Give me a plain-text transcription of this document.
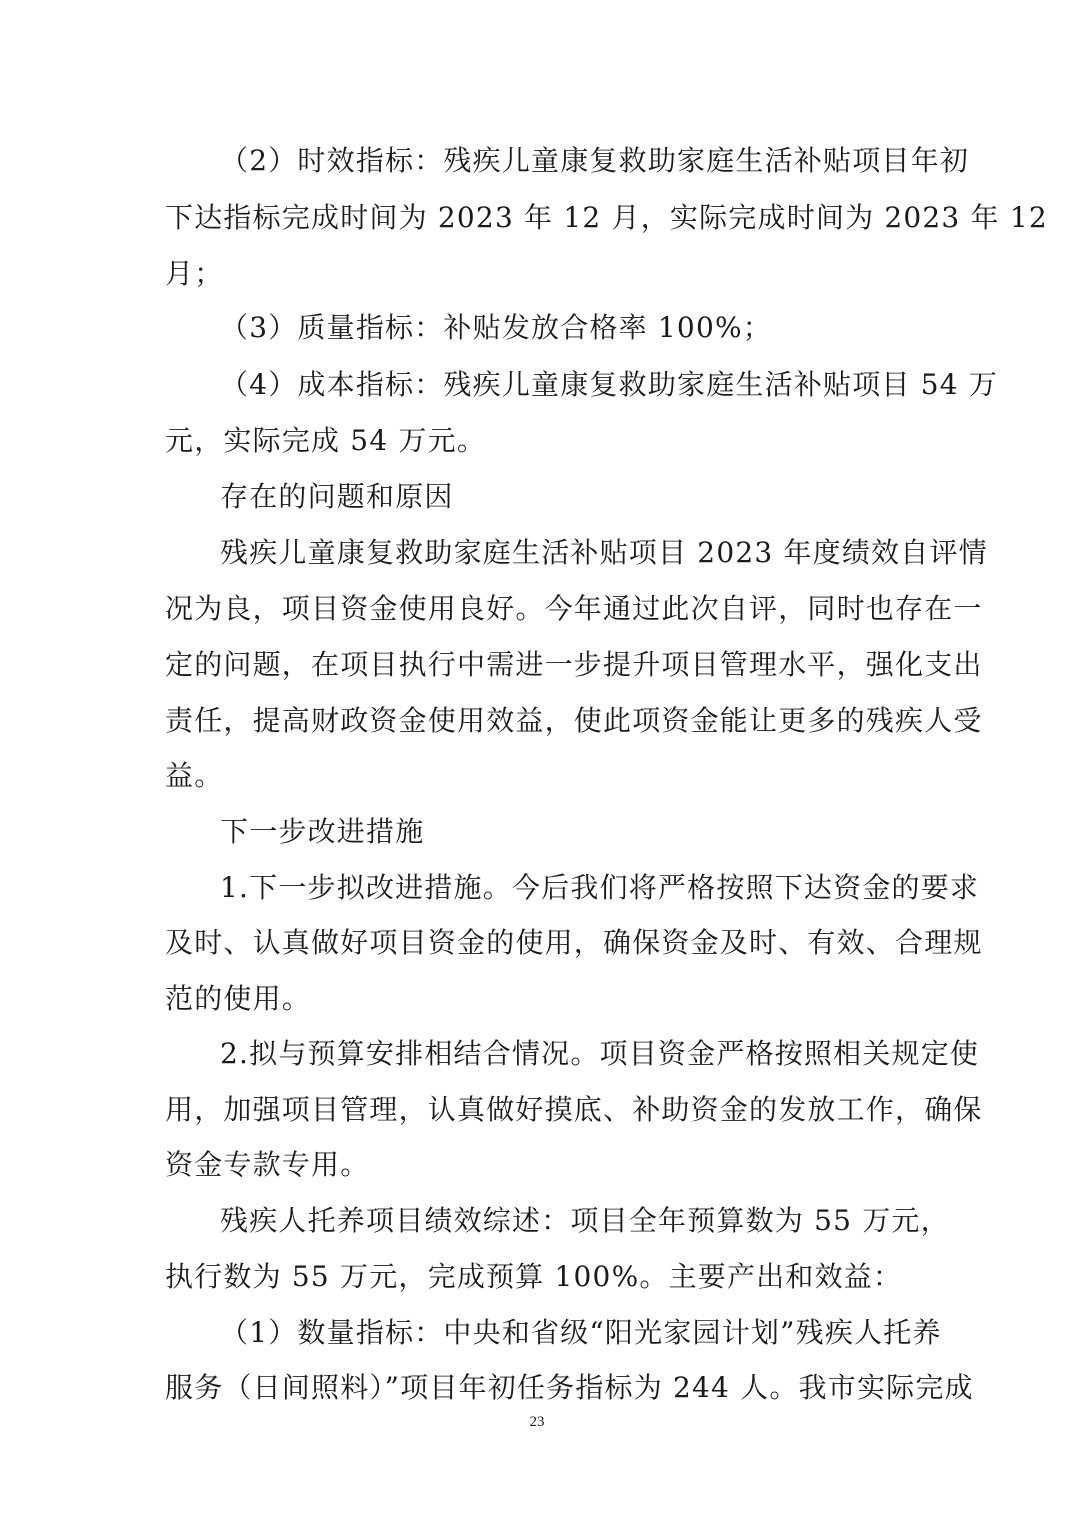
（2）时效指标：残疾儿童康复救助家庭生活补贴项目年初
下达指标完成时间为 2023 年 12 月，实际完成时间为 2023 年 12
月；
（3）质量指标：补贴发放合格率 100%；
（4）成本指标：残疾儿童康复救助家庭生活补贴项目 54 万
元，实际完成 54 万元。
存在的问题和原因
残疾儿童康复救助家庭生活补贴项目 2023 年度绩效自评情
况为良，项目资金使用良好。今年通过此次自评，同时也存在一
定的问题，在项目执行中需进一步提升项目管理水平，强化支出
责任，提高财政资金使用效益，使此项资金能让更多的残疾人受
益。
下一步改进措施
1.下一步拟改进措施。今后我们将严格按照下达资金的要求
及时、认真做好项目资金的使用，确保资金及时、有效、合理规
范的使用。
2.拟与预算安排相结合情况。项目资金严格按照相关规定使
用，加强项目管理，认真做好摸底、补助资金的发放工作，确保
资金专款专用。
残疾人托养项目绩效综述：项目全年预算数为 55 万元，
执行数为 55 万元，完成预算 100%。主要产出和效益：
（1）数量指标：中央和省级“阳光家园计划”残疾人托养
服务（日间照料）”项目年初任务指标为 244 人。我市实际完成
23
